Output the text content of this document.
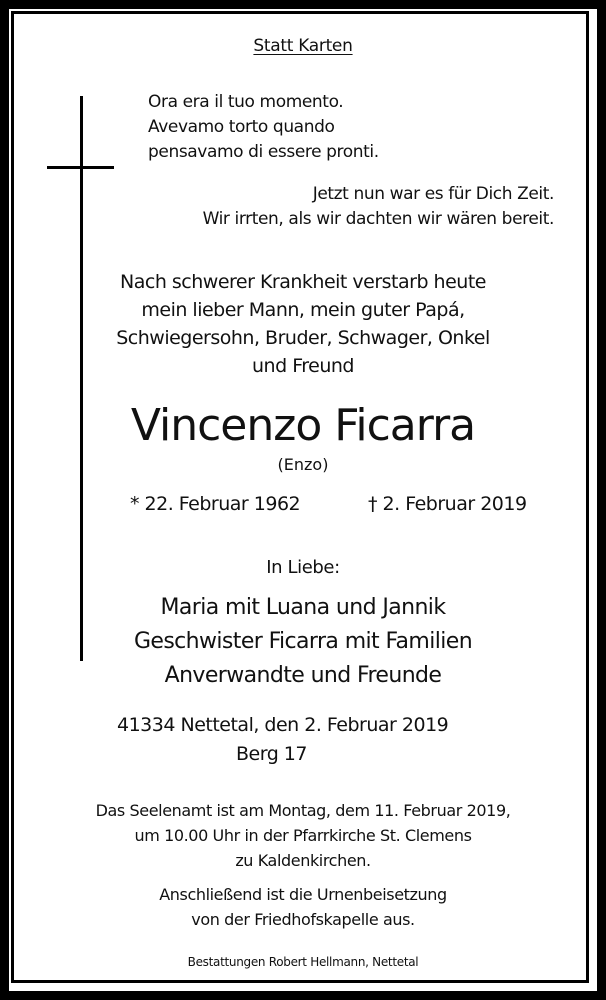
Statt Karten
Ora era il tuo momento.
Avevamo torto quando
pensavamo di essere pronti.
Jetzt nun war es für Dich Zeit.
Wir irrten, als wir dachten wir wären bereit.
Nach schwerer Krankheit verstarb heute
mein lieber Mann, mein guter Papá,
Schwiegersohn, Bruder, Schwager, Onkel
und Freund
Vincenzo Ficarra
(Enzo)
* 22. Februar 1962	† 2. Februar 2019
In Liebe:
Maria mit Luana und Jannik
Geschwister Ficarra mit Familien
Anverwandte und Freunde
41334 Nettetal, den 2. Februar 2019
Berg 17
Das Seelenamt ist am Montag, dem 11. Februar 2019,
um 10.00 Uhr in der Pfarrkirche St. Clemens
zu Kaldenkirchen.
Anschließend ist die Urnenbeisetzung
von der Friedhofskapelle aus.
Bestattungen Robert Hellmann, Nettetal
